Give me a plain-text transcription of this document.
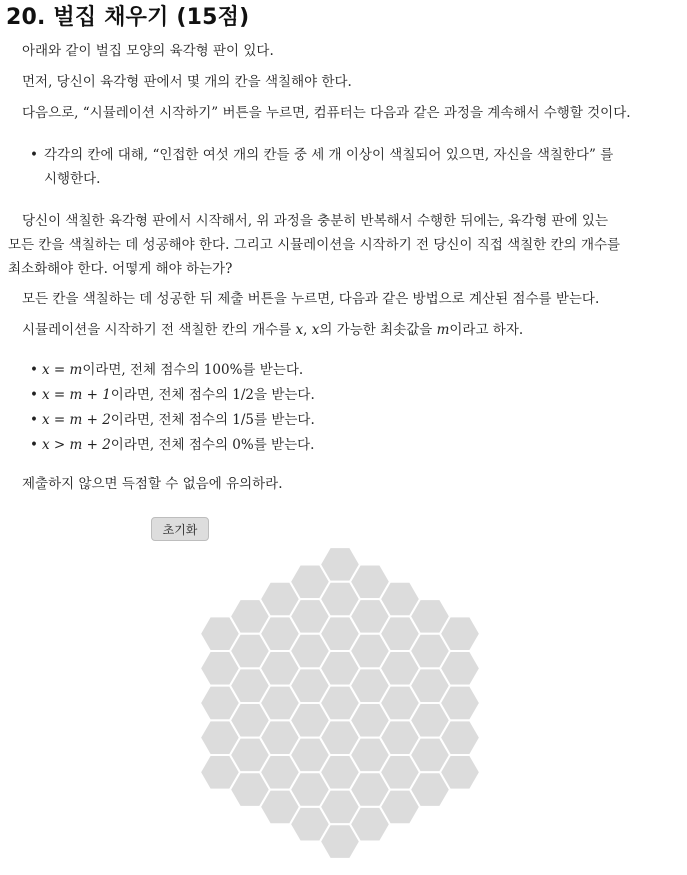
20. 벌집 채우기 (15점)
아래와 같이 벌집 모양의 육각형 판이 있다.
먼저, 당신이 육각형 판에서 몇 개의 칸을 색칠해야 한다.
다음으로, “시뮬레이션 시작하기” 버튼을 누르면, 컴퓨터는 다음과 같은 과정을 계속해서 수행할 것이다.
• 각각의 칸에 대해, “인접한 여섯 개의 칸들 중 세 개 이상이 색칠되어 있으면, 자신을 색칠한다” 를
시행한다.
당신이 색칠한 육각형 판에서 시작해서, 위 과정을 충분히 반복해서 수행한 뒤에는, 육각형 판에 있는
모든 칸을 색칠하는 데 성공해야 한다. 그리고 시뮬레이션을 시작하기 전 당신이 직접 색칠한 칸의 개수를
최소화해야 한다. 어떻게 해야 하는가?
모든 칸을 색칠하는 데 성공한 뒤 제출 버튼을 누르면, 다음과 같은 방법으로 계산된 점수를 받는다.
시뮬레이션을 시작하기 전 색칠한 칸의 개수를 x, x의 가능한 최솟값을 m이라고 하자.
• x = m 이라면, 전체 점수의 100%를 받는다.
• x = m + 1 이라면, 전체 점수의 1/2을 받는다.
• x = m + 2 이라면, 전체 점수의 1/5를 받는다.
• x > m + 2 이라면, 전체 점수의 0%를 받는다.
제출하지 않으면 득점할 수 없음에 유의하라.
초기화
